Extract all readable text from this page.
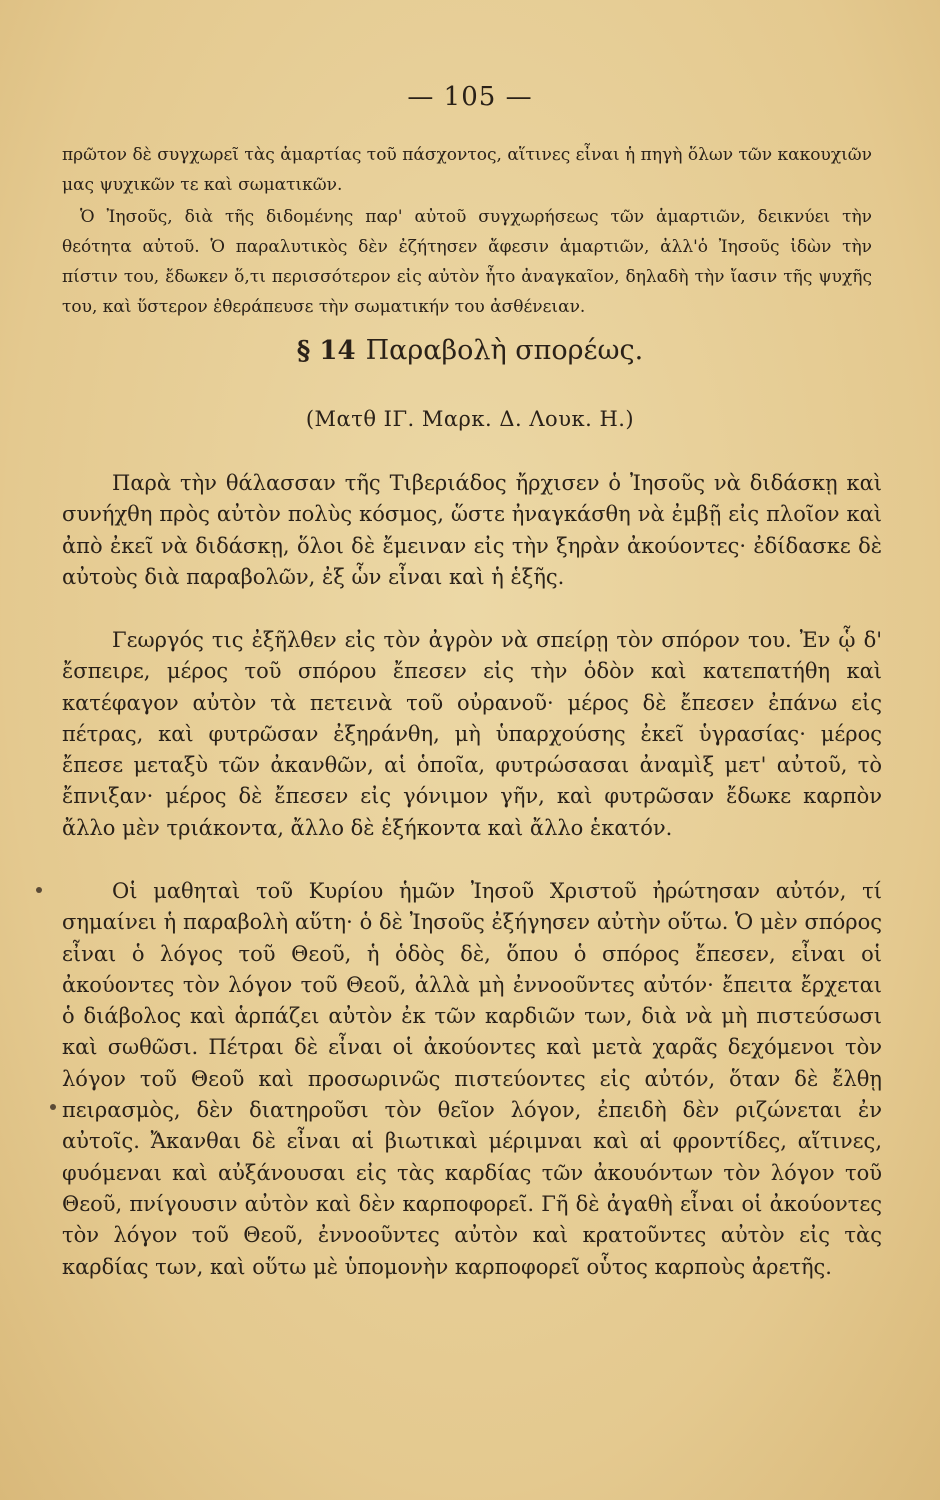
— 105 —

πρῶτον δὲ συγχωρεῖ τὰς ἁμαρτίας τοῦ πάσχοντος, αἵτινες εἶναι ἡ πηγὴ ὅλων τῶν κακουχιῶν μας ψυχικῶν τε καὶ σωματικῶν.

Ὁ Ἰησοῦς, διὰ τῆς διδομένης παρ' αὐτοῦ συγχωρήσεως τῶν ἁμαρτιῶν, δεικνύει τὴν θεότητα αὐτοῦ. Ὁ παραλυτικὸς δὲν ἐζήτησεν ἄφεσιν ἁμαρτιῶν, ἀλλ'ὁ Ἰησοῦς ἰδὼν τὴν πίστιν του, ἔδωκεν ὅ,τι περισσότερον εἰς αὐτὸν ἦτο ἀναγκαῖον, δηλαδὴ τὴν ἴασιν τῆς ψυχῆς του, καὶ ὕστερον ἐθεράπευσε τὴν σωματικήν του ἀσθένειαν.

§ 14 Παραβολὴ σπορέως.
(Ματθ ΙΓ. Μαρκ. Δ. Λουκ. Η.)

Παρὰ τὴν θάλασσαν τῆς Τιβεριάδος ἤρχισεν ὁ Ἰησοῦς νὰ διδάσκῃ καὶ συνήχθη πρὸς αὐτὸν πολὺς κόσμος, ὥστε ἠναγκάσθη νὰ ἐμβῇ εἰς πλοῖον καὶ ἀπὸ ἐκεῖ νὰ διδάσκῃ, ὅλοι δὲ ἔμειναν εἰς τὴν ξηρὰν ἀκούοντες· ἐδίδασκε δὲ αὐτοὺς διὰ παραβολῶν, ἐξ ὧν εἶναι καὶ ἡ ἑξῆς.

Γεωργός τις ἐξῆλθεν εἰς τὸν ἀγρὸν νὰ σπείρῃ τὸν σπόρον του. Ἐν ᾧ δ' ἔσπειρε, μέρος τοῦ σπόρου ἔπεσεν εἰς τὴν ὁδὸν καὶ κατεπατήθη καὶ κατέφαγον αὐτὸν τὰ πετεινὰ τοῦ οὐρανοῦ· μέρος δὲ ἔπεσεν ἐπάνω εἰς πέτρας, καὶ φυτρῶσαν ἐξηράνθη, μὴ ὑπαρχούσης ἐκεῖ ὑγρασίας· μέρος ἔπεσε μεταξὺ τῶν ἀκανθῶν, αἱ ὁποῖα, φυτρώσασαι ἀναμὶξ μετ' αὐτοῦ, τὸ ἔπνιξαν· μέρος δὲ ἔπεσεν εἰς γόνιμον γῆν, καὶ φυτρῶσαν ἔδωκε καρπὸν ἄλλο μὲν τριάκοντα, ἄλλο δὲ ἑξήκοντα καὶ ἄλλο ἑκατόν.

Οἱ μαθηταὶ τοῦ Κυρίου ἡμῶν Ἰησοῦ Χριστοῦ ἠρώτησαν αὐτόν, τί σημαίνει ἡ παραβολὴ αὕτη· ὁ δὲ Ἰησοῦς ἐξήγησεν αὐτὴν οὕτω. Ὁ μὲν σπόρος εἶναι ὁ λόγος τοῦ Θεοῦ, ἡ ὁδὸς δὲ, ὅπου ὁ σπόρος ἔπεσεν, εἶναι οἱ ἀκούοντες τὸν λόγον τοῦ Θεοῦ, ἀλλὰ μὴ ἐννοοῦντες αὐτόν· ἔπειτα ἔρχεται ὁ διάβολος καὶ ἁρπάζει αὐτὸν ἐκ τῶν καρδιῶν των, διὰ νὰ μὴ πιστεύσωσι καὶ σωθῶσι. Πέτραι δὲ εἶναι οἱ ἀκούοντες καὶ μετὰ χαρᾶς δεχόμενοι τὸν λόγον τοῦ Θεοῦ καὶ προσωρινῶς πιστεύοντες εἰς αὐτόν, ὅταν δὲ ἔλθῃ πειρασμὸς, δὲν διατηροῦσι τὸν θεῖον λόγον, ἐπειδὴ δὲν ριζώνεται ἐν αὐτοῖς. Ἄκανθαι δὲ εἶναι αἱ βιωτικαὶ μέριμναι καὶ αἱ φροντίδες, αἵτινες, φυόμεναι καὶ αὐξάνουσαι εἰς τὰς καρδίας τῶν ἀκουόντων τὸν λόγον τοῦ Θεοῦ, πνίγουσιν αὐτὸν καὶ δὲν καρποφορεῖ. Γῆ δὲ ἀγαθὴ εἶναι οἱ ἀκούοντες τὸν λόγον τοῦ Θεοῦ, ἐννοοῦντες αὐτὸν καὶ κρατοῦντες αὐτὸν εἰς τὰς καρδίας των, καὶ οὕτω μὲ ὑπομονὴν καρποφορεῖ οὗτος καρποὺς ἀρετῆς.
